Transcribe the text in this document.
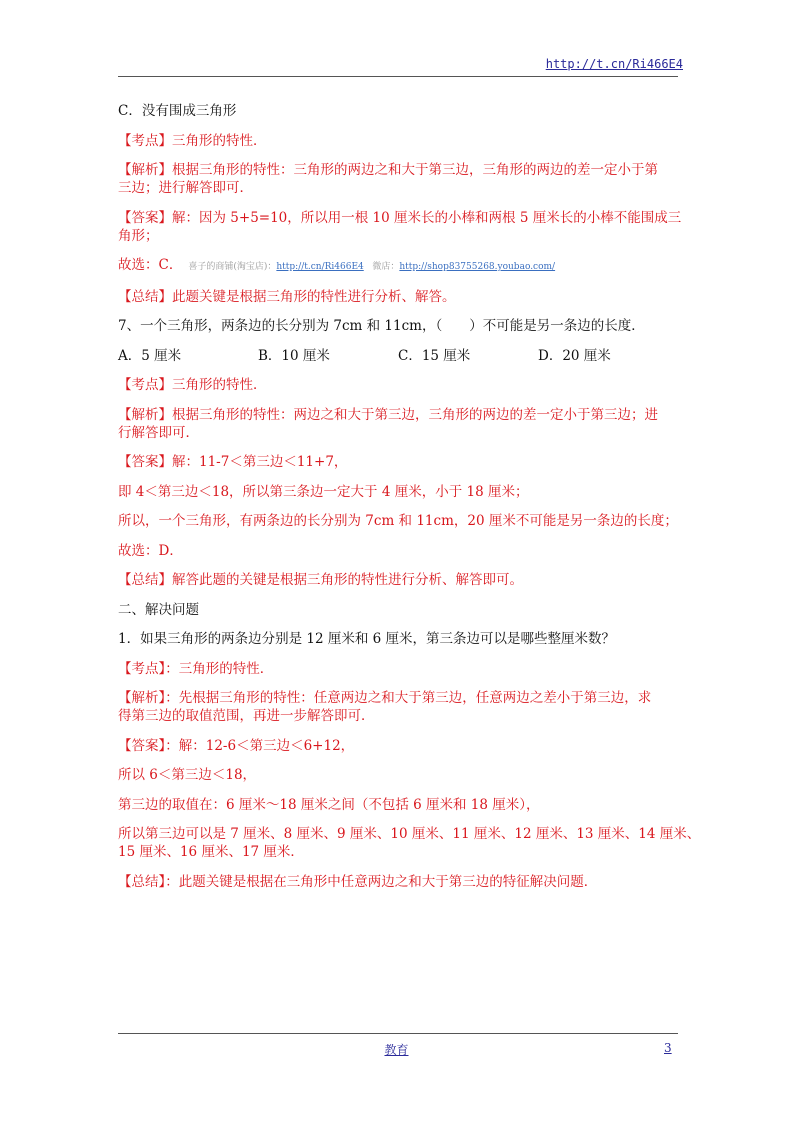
http://t.cn/Ri466E4

C．没有围成三角形

【考点】三角形的特性．

【解析】根据三角形的特性：三角形的两边之和大于第三边，三角形的两边的差一定小于第

三边；进行解答即可．

【答案】解：因为 5+5=10，所以用一根 10 厘米长的小棒和两根 5 厘米长的小棒不能围成三

角形；

故选：C． 喜子的商铺(淘宝店)：http://t.cn/Ri466E4 微店：http://shop83755268.youbao.com/

【总结】此题关键是根据三角形的特性进行分析、解答。

7、一个三角形，两条边的长分别为 7cm 和 11cm，（　　）不可能是另一条边的长度．

A．5 厘米	B．10 厘米	C．15 厘米	D．20 厘米

【考点】三角形的特性．

【解析】根据三角形的特性：两边之和大于第三边，三角形的两边的差一定小于第三边；进

行解答即可．

【答案】解：11-7＜第三边＜11+7，

即 4＜第三边＜18，所以第三条边一定大于 4 厘米，小于 18 厘米；

所以，一个三角形，有两条边的长分别为 7cm 和 11cm，20 厘米不可能是另一条边的长度；

故选：D．

【总结】解答此题的关键是根据三角形的特性进行分析、解答即可。

二、解决问题

1．如果三角形的两条边分别是 12 厘米和 6 厘米，第三条边可以是哪些整厘米数？

【考点】：三角形的特性．

【解析】：先根据三角形的特性：任意两边之和大于第三边，任意两边之差小于第三边，求

得第三边的取值范围，再进一步解答即可．

【答案】：解：12-6＜第三边＜6+12，

所以 6＜第三边＜18，

第三边的取值在：6 厘米～18 厘米之间（不包括 6 厘米和 18 厘米），

所以第三边可以是 7 厘米、8 厘米、9 厘米、10 厘米、11 厘米、12 厘米、13 厘米、14 厘米、

15 厘米、16 厘米、17 厘米．

【总结】：此题关键是根据在三角形中任意两边之和大于第三边的特征解决问题．

教育	3
